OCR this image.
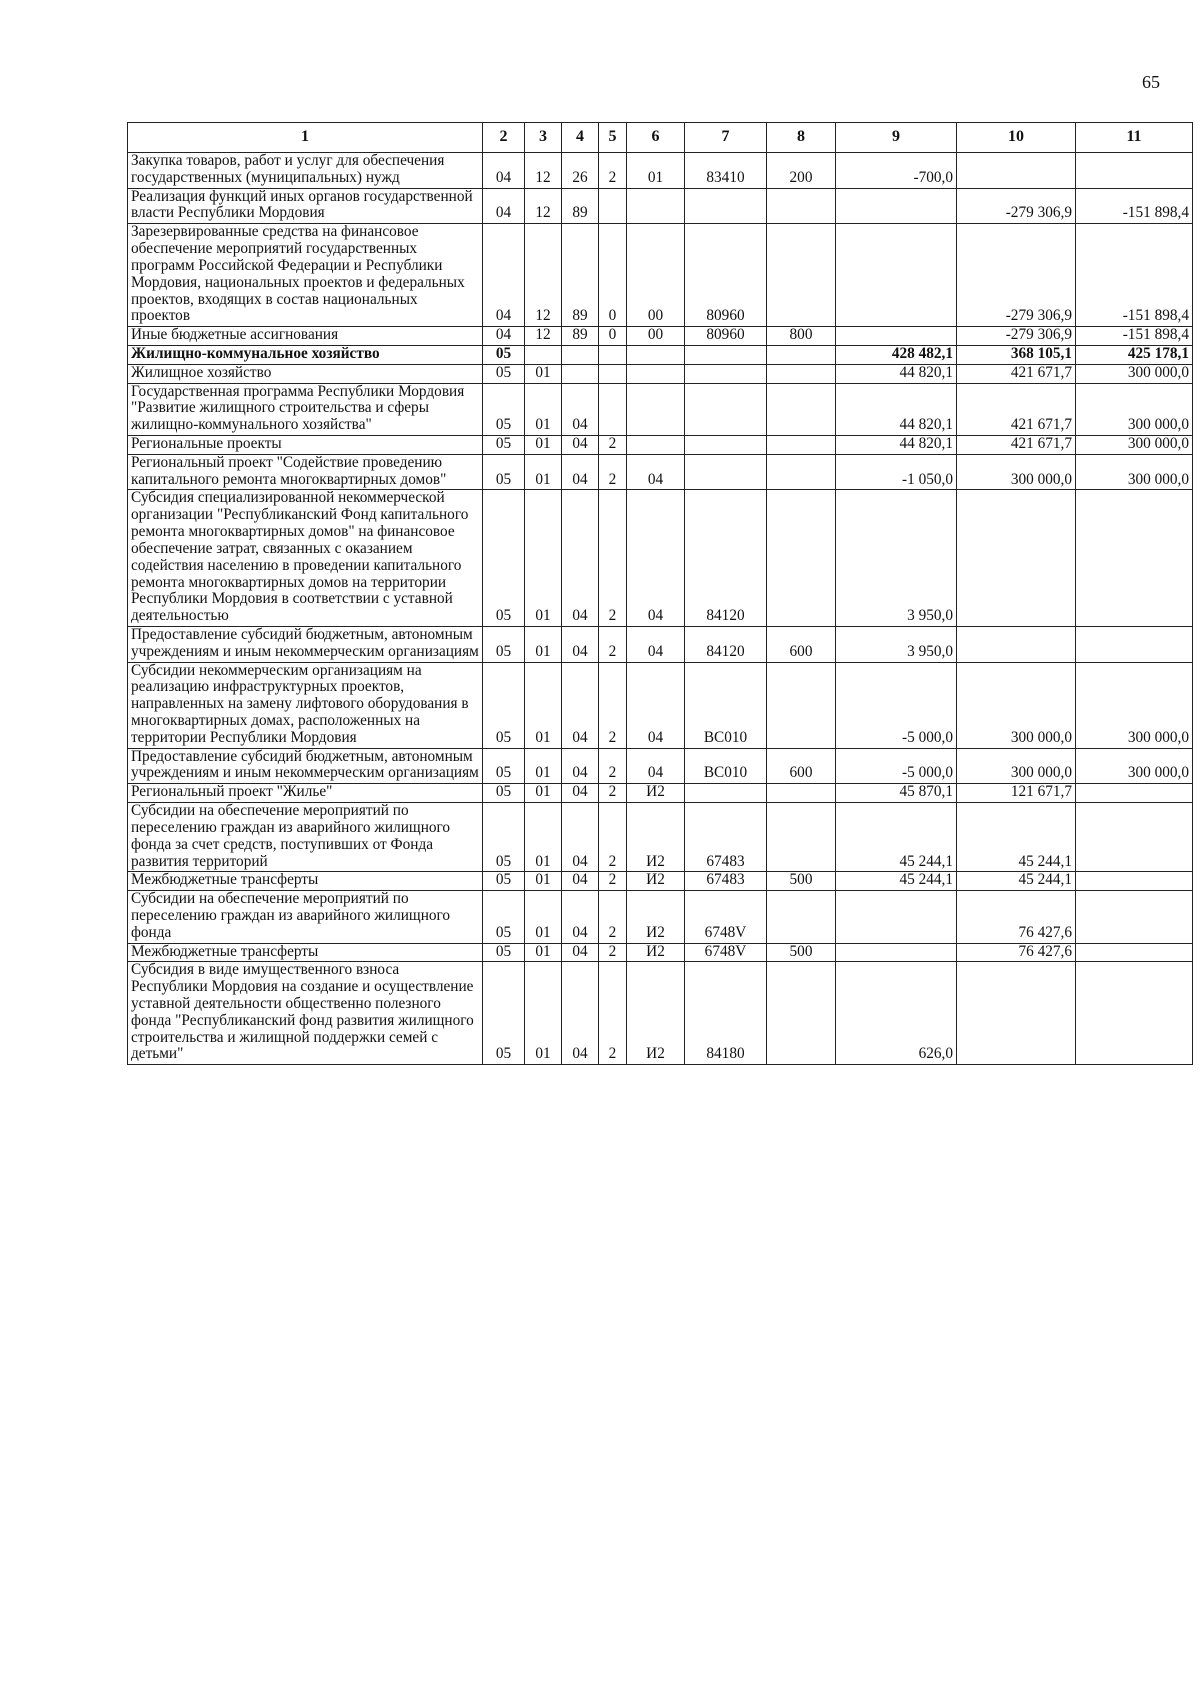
65
1	2	3	4	5	6	7	8	9	10	11
Закупка товаров, работ и услуг для обеспечения государственных (муниципальных) нужд	04	12	26	2	01	83410	200	-700,0		
Реализация функций иных органов государственной власти Республики Мордовия	04	12	89						-279 306,9	-151 898,4
Зарезервированные средства на финансовое обеспечение мероприятий государственных программ Российской Федерации и Республики Мордовия, национальных проектов и федеральных проектов, входящих в состав национальных проектов	04	12	89	0	00	80960			-279 306,9	-151 898,4
Иные бюджетные ассигнования	04	12	89	0	00	80960	800		-279 306,9	-151 898,4
Жилищно-коммунальное хозяйство	05							428 482,1	368 105,1	425 178,1
Жилищное хозяйство	05	01						44 820,1	421 671,7	300 000,0
Государственная программа Республики Мордовия "Развитие жилищного строительства и сферы жилищно-коммунального хозяйства"	05	01	04					44 820,1	421 671,7	300 000,0
Региональные проекты	05	01	04	2				44 820,1	421 671,7	300 000,0
Региональный проект "Содействие проведению капитального ремонта многоквартирных домов"	05	01	04	2	04			-1 050,0	300 000,0	300 000,0
Субсидия специализированной некоммерческой организации "Республиканский Фонд капитального ремонта многоквартирных домов" на финансовое обеспечение затрат, связанных с оказанием содействия населению в проведении капитального ремонта многоквартирных домов на территории Республики Мордовия в соответствии с уставной деятельностью	05	01	04	2	04	84120		3 950,0		
Предоставление субсидий бюджетным, автономным учреждениям и иным некоммерческим организациям	05	01	04	2	04	84120	600	3 950,0		
Субсидии некоммерческим организациям на реализацию инфраструктурных проектов, направленных на замену лифтового оборудования в многоквартирных домах, расположенных на территории Республики Мордовия	05	01	04	2	04	BC010		-5 000,0	300 000,0	300 000,0
Предоставление субсидий бюджетным, автономным учреждениям и иным некоммерческим организациям	05	01	04	2	04	BC010	600	-5 000,0	300 000,0	300 000,0
Региональный проект "Жилье"	05	01	04	2	И2			45 870,1	121 671,7	
Субсидии на обеспечение мероприятий по переселению граждан из аварийного жилищного фонда за счет средств, поступивших от Фонда развития территорий	05	01	04	2	И2	67483		45 244,1	45 244,1	
Межбюджетные трансферты	05	01	04	2	И2	67483	500	45 244,1	45 244,1	
Субсидии на обеспечение мероприятий по переселению граждан из аварийного жилищного фонда	05	01	04	2	И2	6748V			76 427,6	
Межбюджетные трансферты	05	01	04	2	И2	6748V	500		76 427,6	
Субсидия в виде имущественного взноса Республики Мордовия на создание и осуществление уставной деятельности общественно полезного фонда "Республиканский фонд развития жилищного строительства и жилищной поддержки семей с детьми"	05	01	04	2	И2	84180		626,0		
